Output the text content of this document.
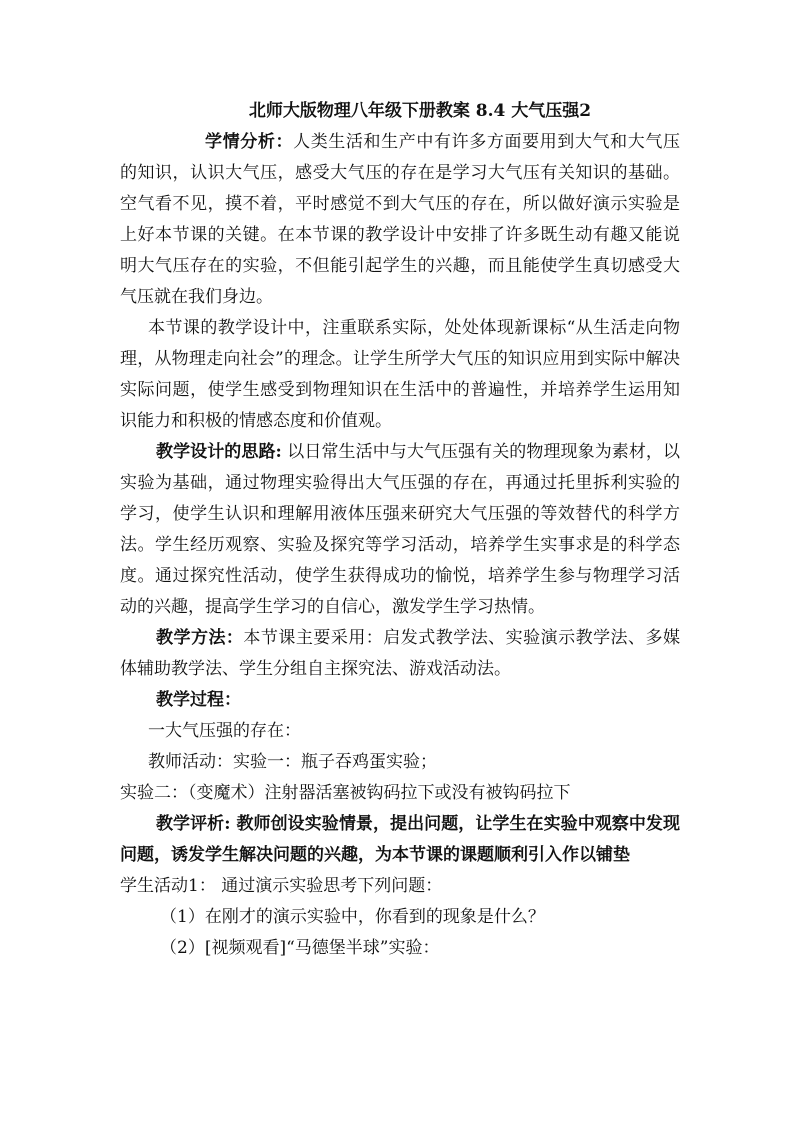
北师大版物理八年级下册教案 8.4 大气压强2

学情分析：人类生活和生产中有许多方面要用到大气和大气压的知识，认识大气压，感受大气压的存在是学习大气压有关知识的基础。空气看不见，摸不着，平时感觉不到大气压的存在，所以做好演示实验是上好本节课的关键。在本节课的教学设计中安排了许多既生动有趣又能说明大气压存在的实验，不但能引起学生的兴趣，而且能使学生真切感受大气压就在我们身边。

本节课的教学设计中，注重联系实际，处处体现新课标“从生活走向物理，从物理走向社会”的理念。让学生所学大气压的知识应用到实际中解决实际问题，使学生感受到物理知识在生活中的普遍性，并培养学生运用知识能力和积极的情感态度和价值观。

教学设计的思路: 以日常生活中与大气压强有关的物理现象为素材，以实验为基础，通过物理实验得出大气压强的存在，再通过托里拆利实验的学习，使学生认识和理解用液体压强来研究大气压强的等效替代的科学方法。学生经历观察、实验及探究等学习活动，培养学生实事求是的科学态度。通过探究性活动，使学生获得成功的愉悦，培养学生参与物理学习活动的兴趣，提高学生学习的自信心，激发学生学习热情。

教学方法：本节课主要采用：启发式教学法、实验演示教学法、多媒体辅助教学法、学生分组自主探究法、游戏活动法。

教学过程：

一大气压强的存在：

教师活动：实验一：瓶子吞鸡蛋实验；

实验二：（变魔术）注射器活塞被钩码拉下或没有被钩码拉下

教学评析: 教师创设实验情景，提出问题，让学生在实验中观察中发现问题，诱发学生解决问题的兴趣，为本节课的课题顺利引入作以铺垫

学生活动1： 通过演示实验思考下列问题：

（1）在刚才的演示实验中，你看到的现象是什么？

（2）[视频观看]“马德堡半球”实验：
